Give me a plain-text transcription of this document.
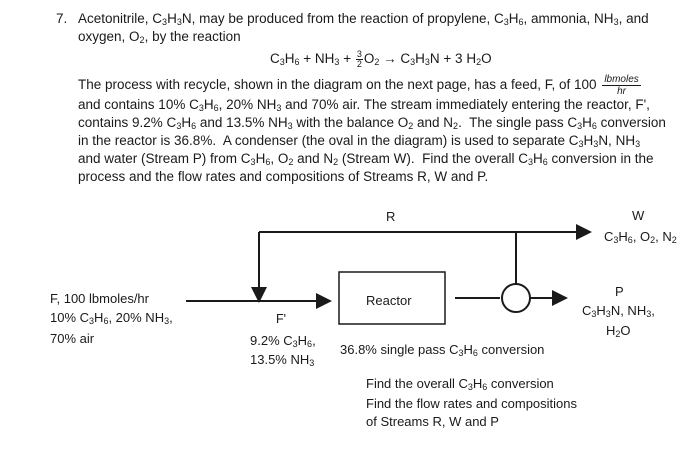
7. Acetonitrile, $C_3H_3N$, may be produced from the reaction of propylene, $C_3H_6$, ammonia, $NH_3$, and
oxygen, $O_2$, by the reaction
$C_3H_6 + NH_3 + \frac{3}{2} O_2 \to C_3H_3N + 3$ $H_2O$
The process with recycle, shown in the diagram on the next page, has a feed, F, of 100 lbmoles
hr
and contains 10% $C_3H_6$, 20% $NH_3$ and 70% air. The stream immediately entering the reactor, F',
contains 9.2% $C_3H_6$ and 13.5% $NH_3$ with the balance $O_2$ and $N_2$.  The single pass $C_3H_6$ conversion
in the reactor is 36.8%.  A condenser (the oval in the diagram) is used to separate $C_3H_3N$, $NH_3$
and water (Stream P) from $C_3H_6$, $O_2$ and $N_2$ (Stream W).  Find the overall $C_3H_6$ conversion in the
process and the flow rates and compositions of Streams R, W and P.
F, 100 lbmoles/hr
10% $C_3H_6$, 20% $NH_3$,
70% air
F'
9.2% $C_3H_6$,
13.5% $NH_3$
Reactor
36.8% single pass $C_3H_6$ conversion
R	W
$C_3H_6$, $O_2$, $N_2$
P
$C_3H_3N$, $NH_3$,
$H_2O$
Find the overall $C_3H_6$ conversion
Find the flow rates and compositions
of Streams R, W and P
